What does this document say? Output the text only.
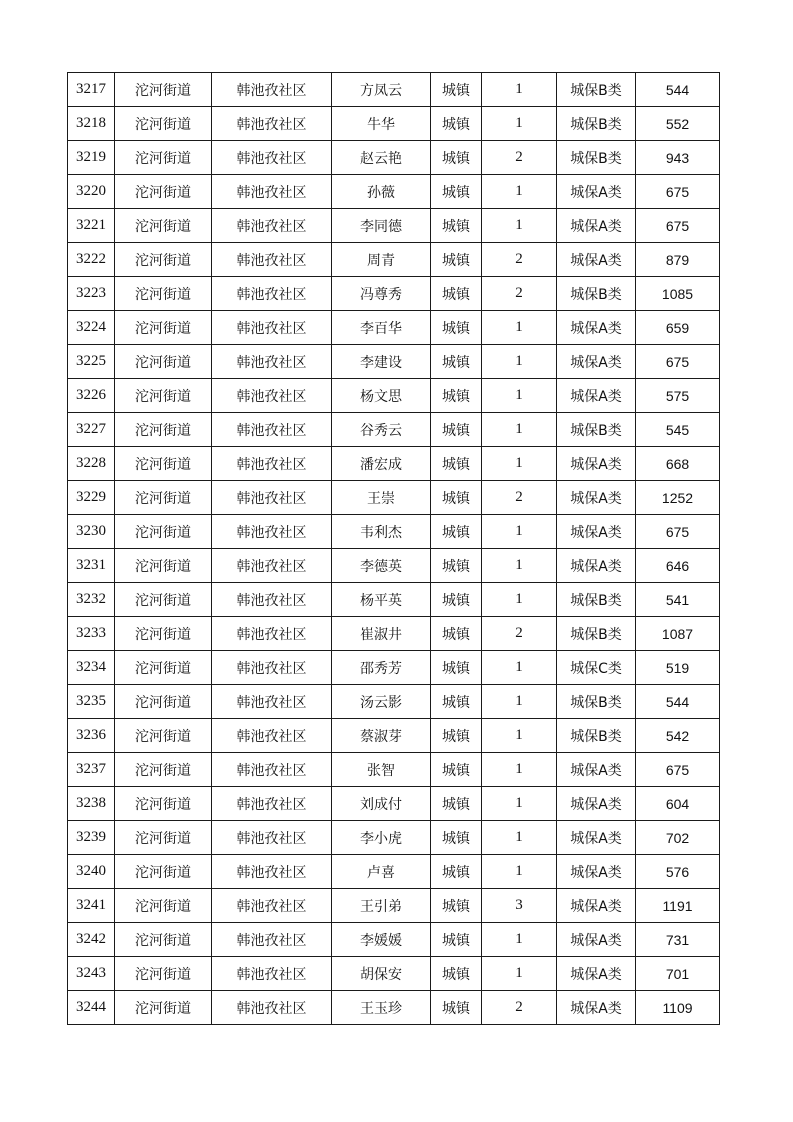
3217	沱河街道	韩池孜社区	方凤云	城镇	1	城保B类	544
3218	沱河街道	韩池孜社区	牛华	城镇	1	城保B类	552
3219	沱河街道	韩池孜社区	赵云艳	城镇	2	城保B类	943
3220	沱河街道	韩池孜社区	孙薇	城镇	1	城保A类	675
3221	沱河街道	韩池孜社区	李同德	城镇	1	城保A类	675
3222	沱河街道	韩池孜社区	周青	城镇	2	城保A类	879
3223	沱河街道	韩池孜社区	冯尊秀	城镇	2	城保B类	1085
3224	沱河街道	韩池孜社区	李百华	城镇	1	城保A类	659
3225	沱河街道	韩池孜社区	李建设	城镇	1	城保A类	675
3226	沱河街道	韩池孜社区	杨文思	城镇	1	城保A类	575
3227	沱河街道	韩池孜社区	谷秀云	城镇	1	城保B类	545
3228	沱河街道	韩池孜社区	潘宏成	城镇	1	城保A类	668
3229	沱河街道	韩池孜社区	王崇	城镇	2	城保A类	1252
3230	沱河街道	韩池孜社区	韦利杰	城镇	1	城保A类	675
3231	沱河街道	韩池孜社区	李德英	城镇	1	城保A类	646
3232	沱河街道	韩池孜社区	杨平英	城镇	1	城保B类	541
3233	沱河街道	韩池孜社区	崔淑井	城镇	2	城保B类	1087
3234	沱河街道	韩池孜社区	邵秀芳	城镇	1	城保C类	519
3235	沱河街道	韩池孜社区	汤云影	城镇	1	城保B类	544
3236	沱河街道	韩池孜社区	蔡淑芽	城镇	1	城保B类	542
3237	沱河街道	韩池孜社区	张智	城镇	1	城保A类	675
3238	沱河街道	韩池孜社区	刘成付	城镇	1	城保A类	604
3239	沱河街道	韩池孜社区	李小虎	城镇	1	城保A类	702
3240	沱河街道	韩池孜社区	卢喜	城镇	1	城保A类	576
3241	沱河街道	韩池孜社区	王引弟	城镇	3	城保A类	1191
3242	沱河街道	韩池孜社区	李媛媛	城镇	1	城保A类	731
3243	沱河街道	韩池孜社区	胡保安	城镇	1	城保A类	701
3244	沱河街道	韩池孜社区	王玉珍	城镇	2	城保A类	1109
